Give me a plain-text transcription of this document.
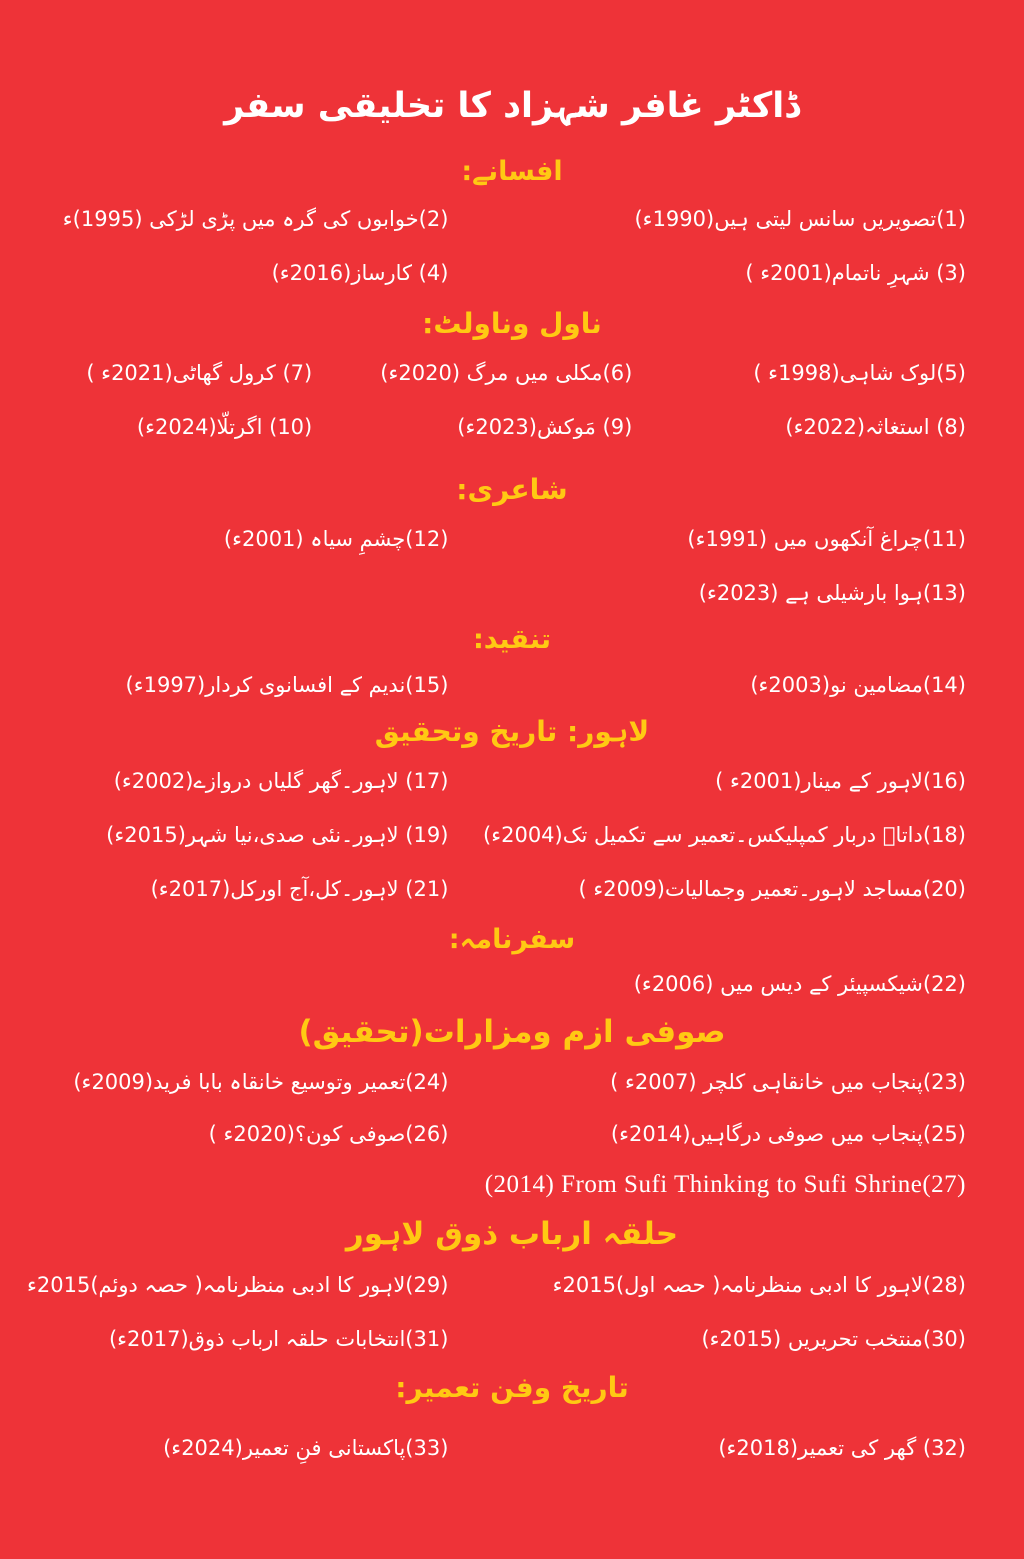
ڈاکٹر غافر شہزاد کا تخلیقی سفر
افسانے:
(1)تصویریں سانس لیتی ہیں(1990ء)
(2)خوابوں کی گرہ میں پڑی لڑکی (1995)ء
(3) شہرِ ناتمام(2001ء )
(4) کارساز(2016ء)
ناول وناولٹ:
(5)لوک شاہی(1998ء )
(6)مکلی میں مرگ (2020ء)
(7) کرول گھاٹی(2021ء )
(8) استغاثہ(2022ء)
(9) مَوکش(2023ء)
(10) اگرتلّا(2024ء)
شاعری:
(11)چراغ آنکھوں میں (1991ء)
(12)چشمِ سیاہ (2001ء)
(13)ہوا بارشیلی ہے (2023ء)
تنقید:
(14)مضامین نو(2003ء)
(15)ندیم کے افسانوی کردار(1997ء)
لاہور: تاریخ وتحقیق
(16)لاہور کے مینار(2001ء )
(17) لاہور۔گھر گلیاں دروازے(2002ء)
(18)داتاؒ دربار کمپلیکس۔تعمیر سے تکمیل تک(2004ء)
(19) لاہور۔نئی صدی،نیا شہر(2015ء)
(20)مساجد لاہور۔تعمیر وجمالیات(2009ء )
(21) لاہور۔کل،آج اورکل(2017ء)
سفرنامہ:
(22)شیکسپیئر کے دیس میں (2006ء)
صوفی ازم ومزارات(تحقیق)
(23)پنجاب میں خانقاہی کلچر (2007ء )
(24)تعمیر وتوسیع خانقاہ بابا فرید(2009ء)
(25)پنجاب میں صوفی درگاہیں(2014ء)
(26)صوفی کون؟(2020ء )
(2014) From Sufi Thinking to Sufi Shrine(27)
حلقہ ارباب ذوق لاہور
(28)لاہور کا ادبی منظرنامہ( حصہ اول)2015ء
(29)لاہور کا ادبی منظرنامہ( حصہ دوئم)2015ء
(30)منتخب تحریریں (2015ء)
(31)انتخابات حلقہ ارباب ذوق(2017ء)
تاریخ وفن تعمیر:
(32) گھر کی تعمیر(2018ء)
(33)پاکستانی فنِ تعمیر(2024ء)
